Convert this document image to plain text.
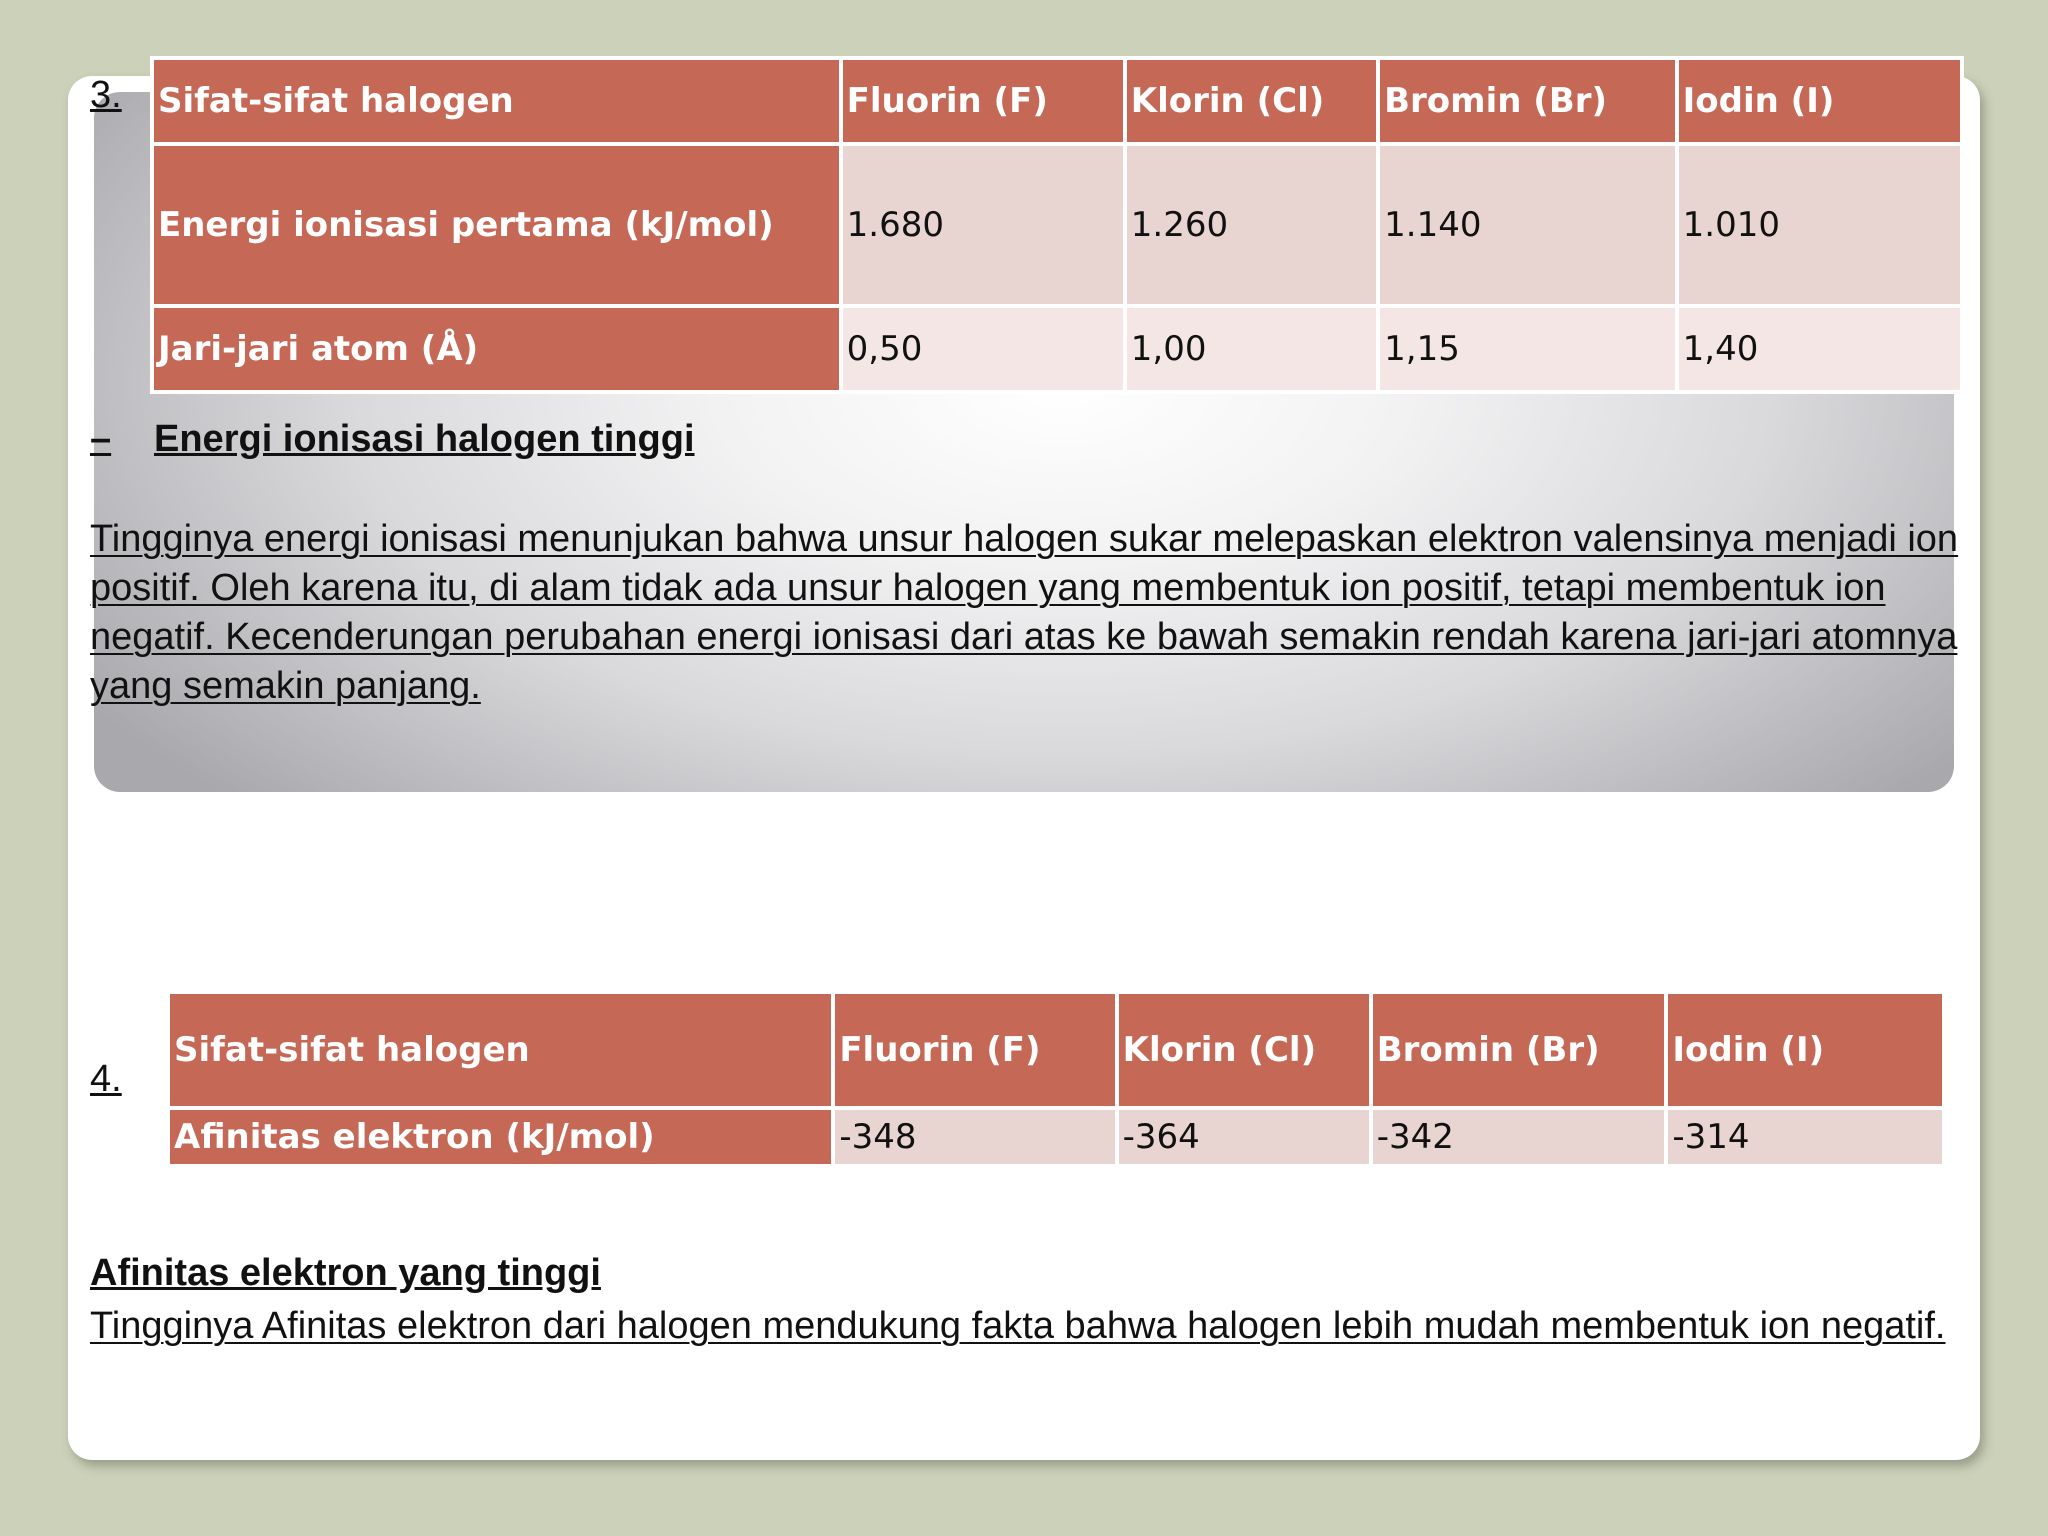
3. Sifat-sifat halogen	Fluorin (F)	Klorin (Cl)	Bromin (Br)	Iodin (I)
Energi ionisasi pertama (kJ/mol)	1.680	1.260	1.140	1.010
Jari-jari atom (Å)	0,50	1,00	1,15	1,40
– Energi ionisasi halogen tinggi
Tingginya energi ionisasi menunjukan bahwa unsur halogen sukar melepaskan elektron valensinya menjadi ion positif. Oleh karena itu, di alam tidak ada unsur halogen yang membentuk ion positif, tetapi membentuk ion negatif. Kecenderungan perubahan energi ionisasi dari atas ke bawah semakin rendah karena jari-jari atomnya yang semakin panjang.
4.
Sifat-sifat halogen	Fluorin (F)	Klorin (Cl)	Bromin (Br)	Iodin (I)
Afinitas elektron (kJ/mol)	-348	-364	-342	-314
Afinitas elektron yang tinggi
Tingginya Afinitas elektron dari halogen mendukung fakta bahwa halogen lebih mudah membentuk ion negatif.
